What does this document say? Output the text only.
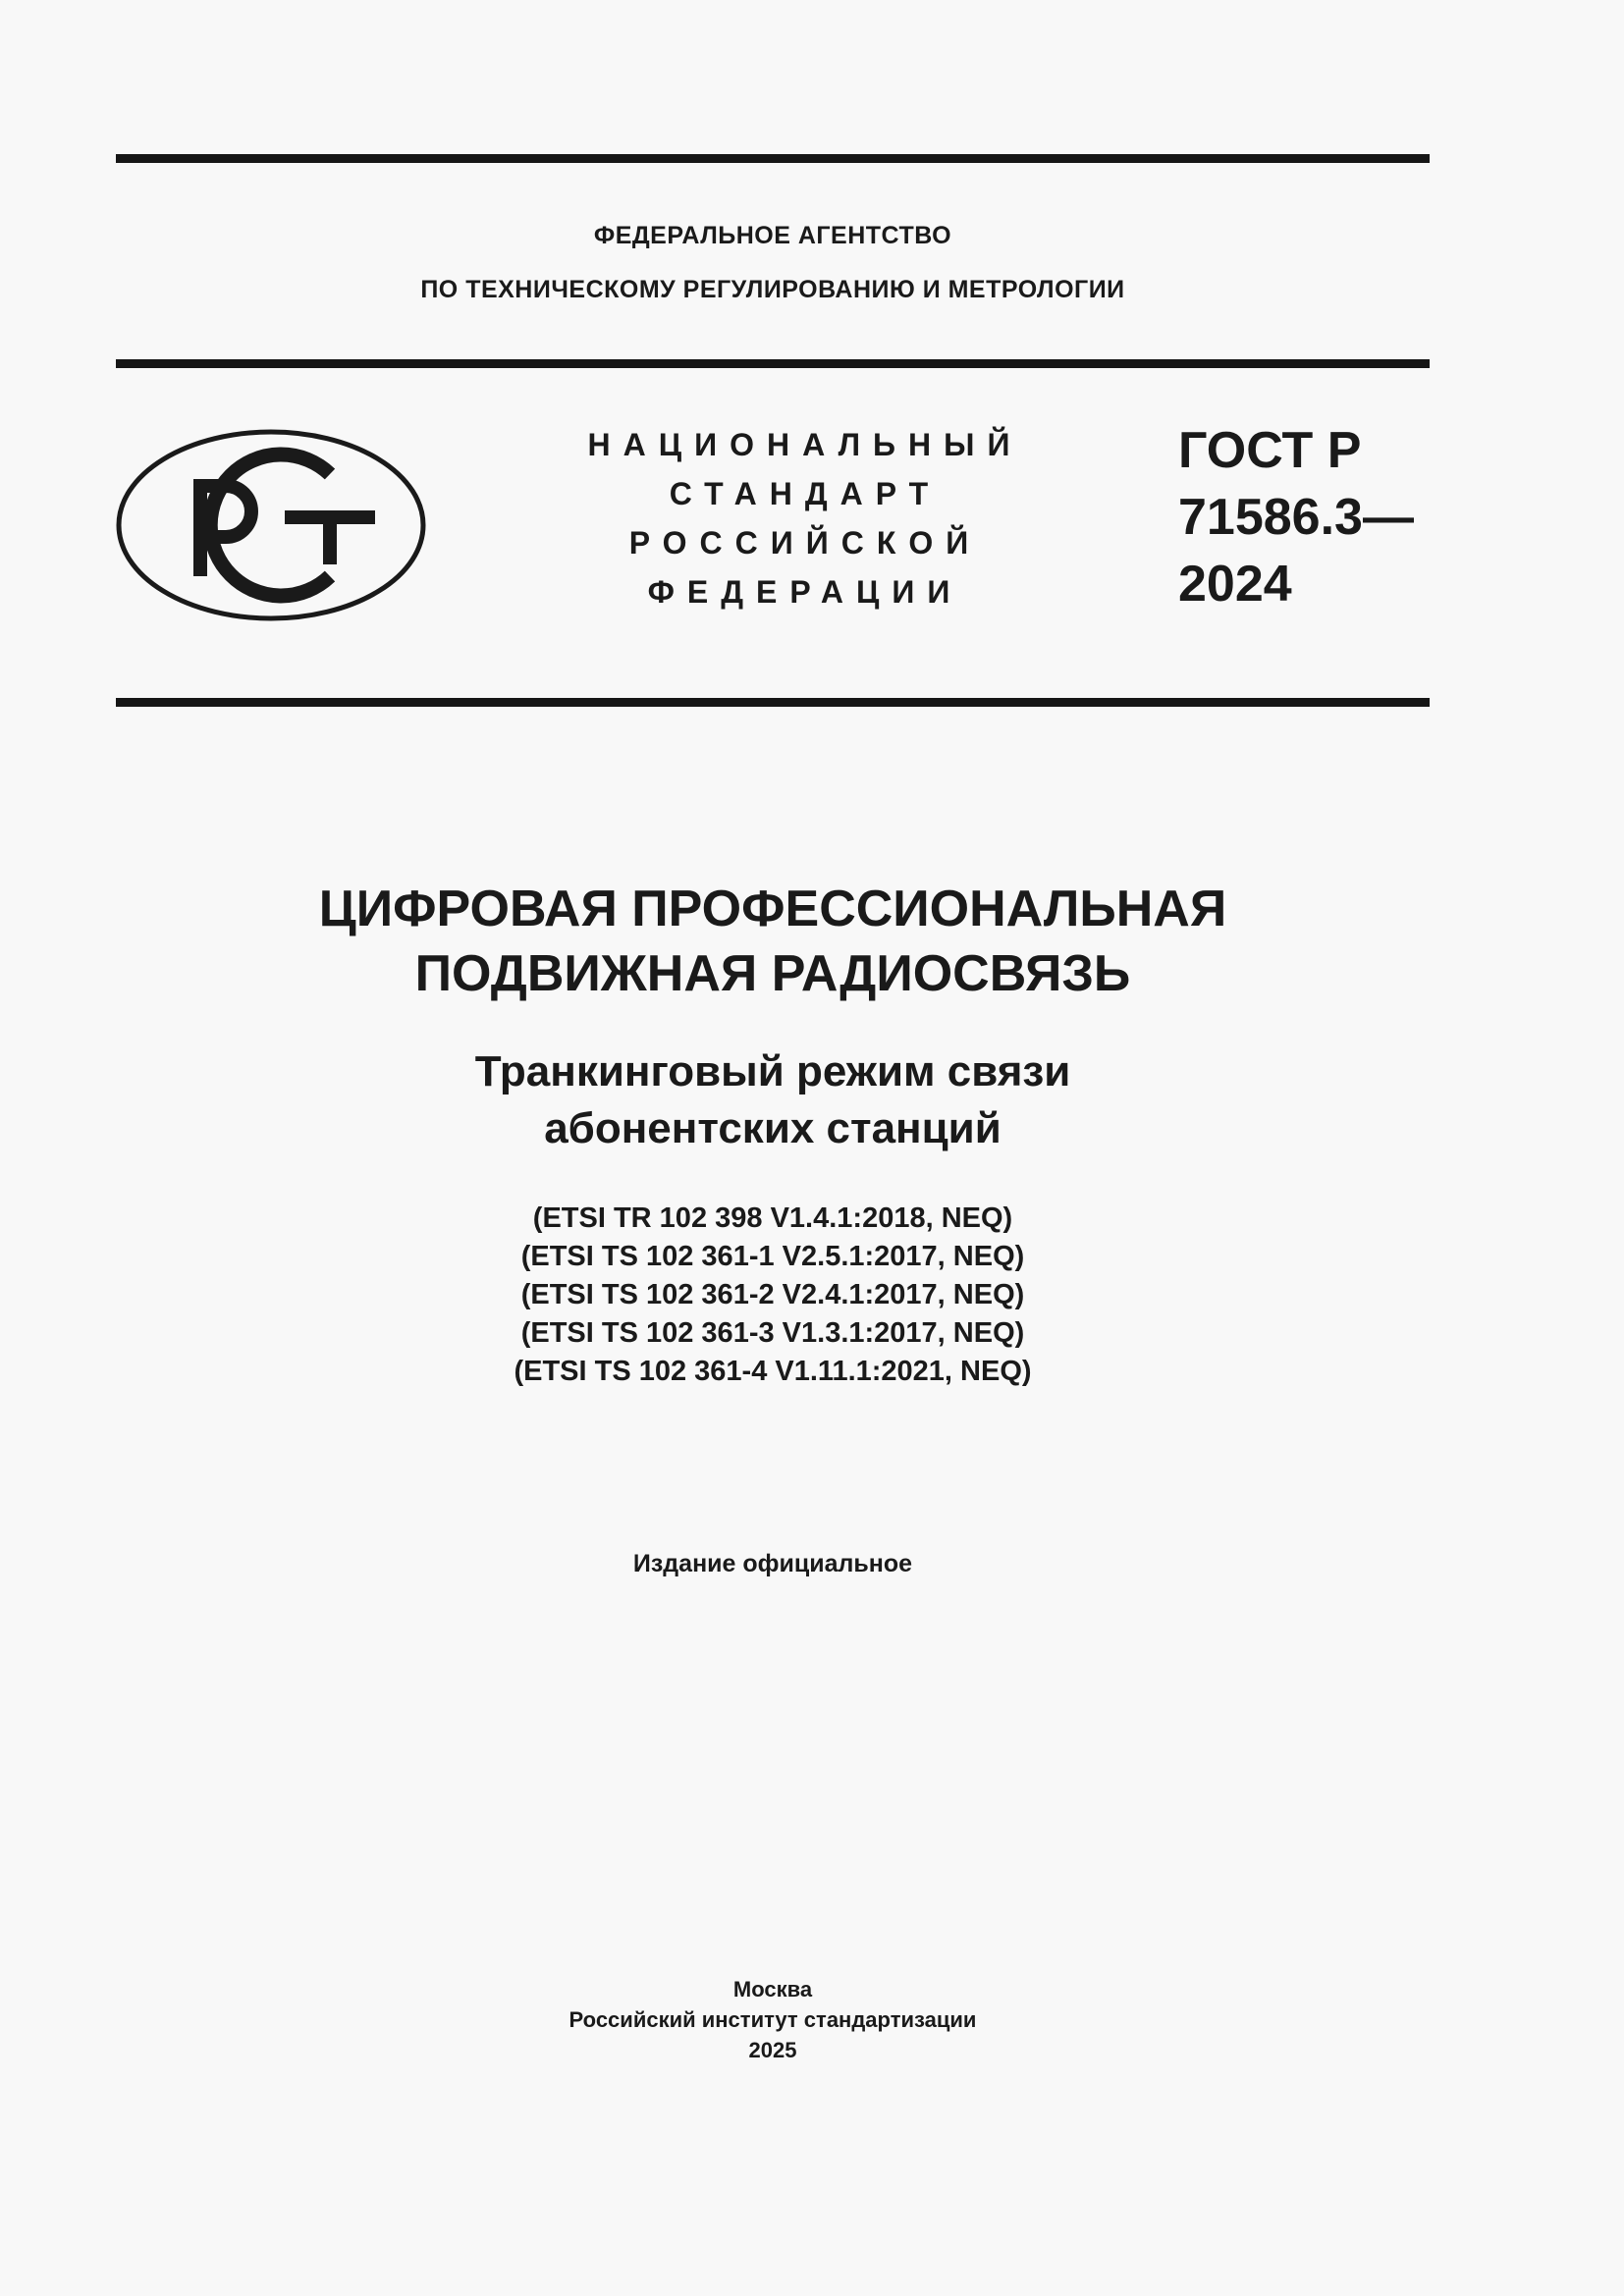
ФЕДЕРАЛЬНОЕ АГЕНТСТВО
ПО ТЕХНИЧЕСКОМУ РЕГУЛИРОВАНИЮ И МЕТРОЛОГИИ
НАЦИОНАЛЬНЫЙ
СТАНДАРТ
РОССИЙСКОЙ
ФЕДЕРАЦИИ
ГОСТ Р
71586.3—
2024
ЦИФРОВАЯ ПРОФЕССИОНАЛЬНАЯ
ПОДВИЖНАЯ РАДИОСВЯЗЬ
Транкинговый режим связи
абонентских станций
(ETSI TR 102 398 V1.4.1:2018, NEQ)
(ETSI TS 102 361-1 V2.5.1:2017, NEQ)
(ETSI TS 102 361-2 V2.4.1:2017, NEQ)
(ETSI TS 102 361-3 V1.3.1:2017, NEQ)
(ETSI TS 102 361-4 V1.11.1:2021, NEQ)
Издание официальное
Москва
Российский институт стандартизации
2025
